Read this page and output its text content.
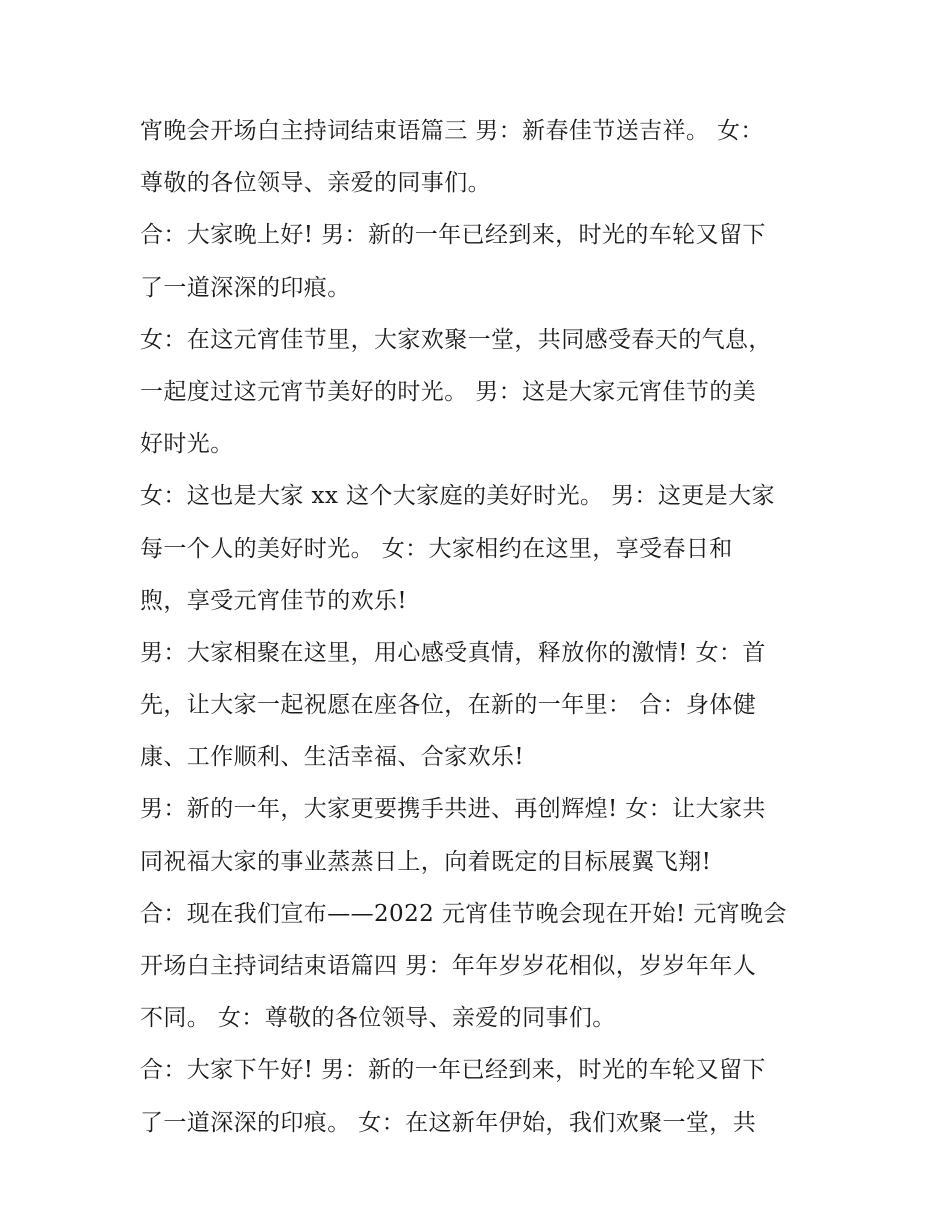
宵晚会开场白主持词结束语篇三 男：新春佳节送吉祥。 女：
尊敬的各位领导、亲爱的同事们。
合：大家晚上好! 男：新的一年已经到来，时光的车轮又留下
了一道深深的印痕。
女：在这元宵佳节里，大家欢聚一堂，共同感受春天的气息，
一起度过这元宵节美好的时光。 男：这是大家元宵佳节的美
好时光。
女：这也是大家 xx 这个大家庭的美好时光。 男：这更是大家
每一个人的美好时光。 女：大家相约在这里，享受春日和
煦，享受元宵佳节的欢乐!
男：大家相聚在这里，用心感受真情，释放你的激情! 女：首
先，让大家一起祝愿在座各位，在新的一年里： 合：身体健
康、工作顺利、生活幸福、合家欢乐!
男：新的一年，大家更要携手共进、再创辉煌! 女：让大家共
同祝福大家的事业蒸蒸日上，向着既定的目标展翼飞翔!
合：现在我们宣布——2022 元宵佳节晚会现在开始! 元宵晚会
开场白主持词结束语篇四 男：年年岁岁花相似，岁岁年年人
不同。 女：尊敬的各位领导、亲爱的同事们。
合：大家下午好! 男：新的一年已经到来，时光的车轮又留下
了一道深深的印痕。 女：在这新年伊始，我们欢聚一堂，共
